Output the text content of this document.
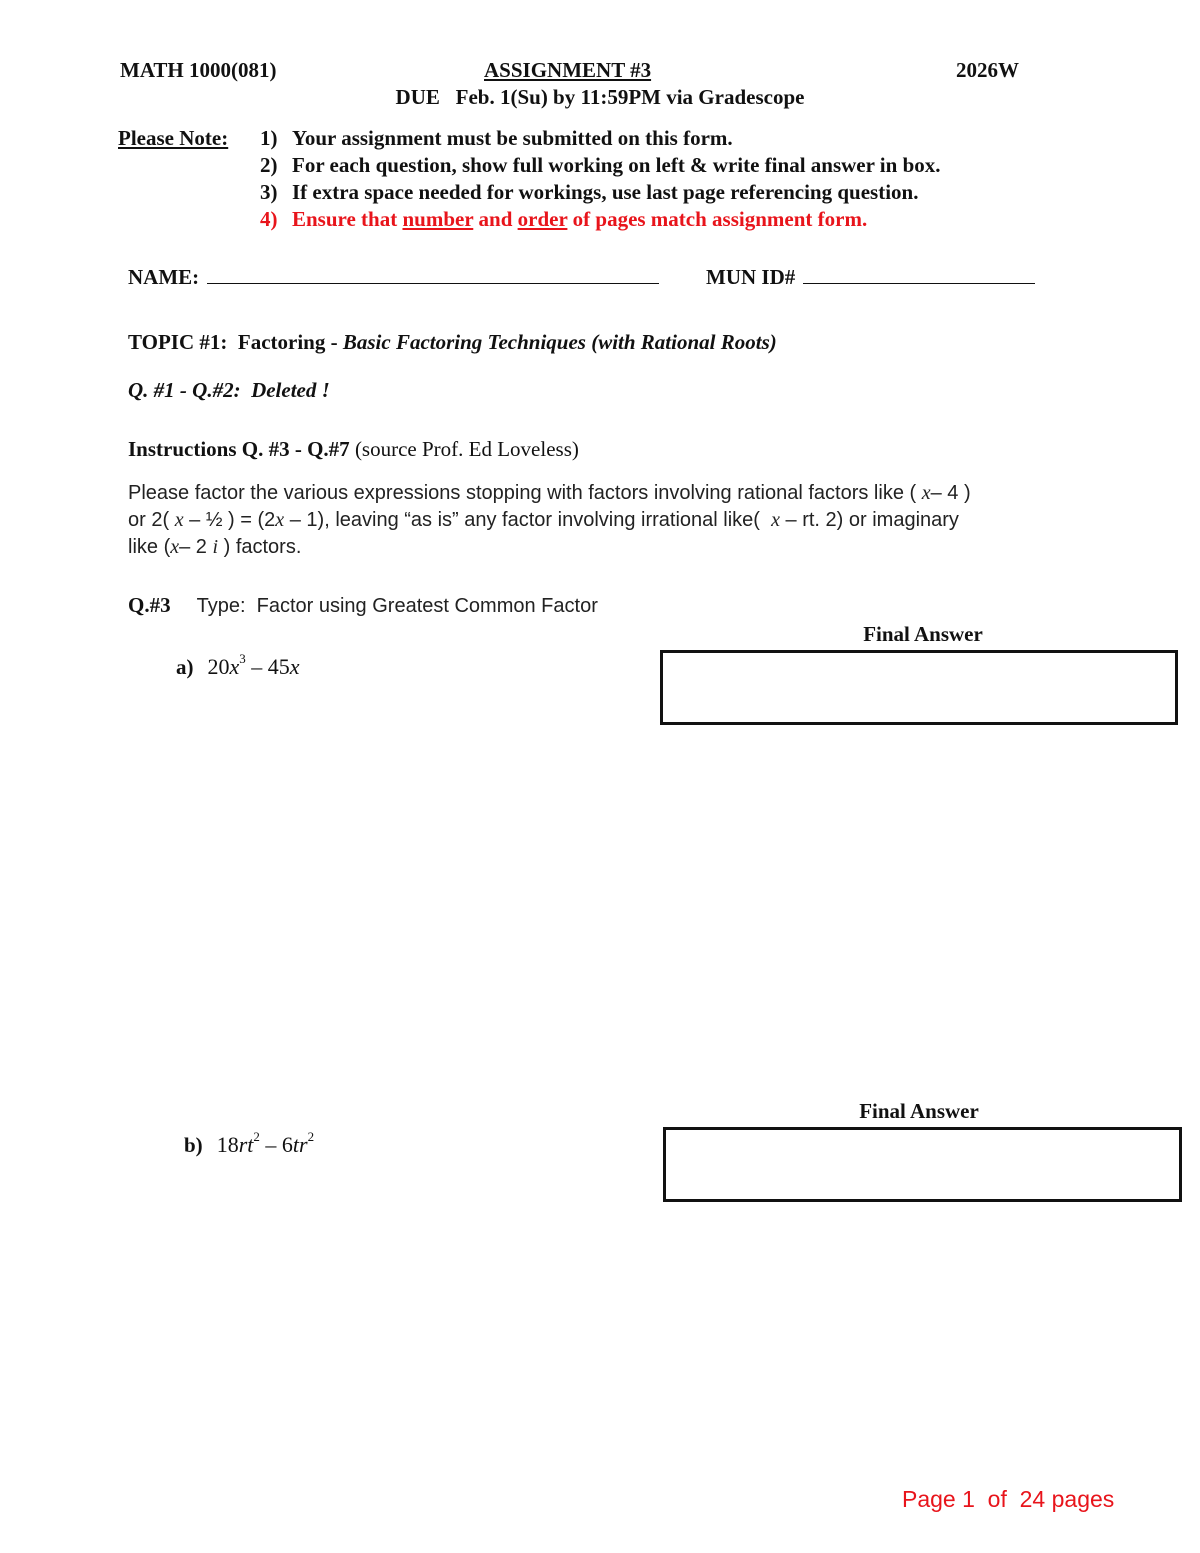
MATH 1000(081)	ASSIGNMENT #3	2026W
DUE   Feb. 1(Su) by 11:59PM via Gradescope
Please Note: 1) Your assignment must be submitted on this form.
2) For each question, show full working on left & write final answer in box.
3) If extra space needed for workings, use last page referencing question.
4) Ensure that number and order of pages match assignment form.
NAME:	MUN ID#
TOPIC #1: Factoring - Basic Factoring Techniques (with Rational Roots)
Q. #1 - Q.#2:  Deleted !
Instructions Q. #3 - Q.#7 (source Prof. Ed Loveless)
Please factor the various expressions stopping with factors involving rational factors like ( x– 4 )
or 2( x – ½ ) = (2x – 1), leaving “as is” any factor involving irrational like( x – rt. 2) or imaginary
like (x– 2 i ) factors.
Q.#3 Type:  Factor using Greatest Common Factor
Final Answer
a) $20x^3 - 45x$
Final Answer
b) $18rt^2 - 6tr^2$
Page 1  of  24 pages
